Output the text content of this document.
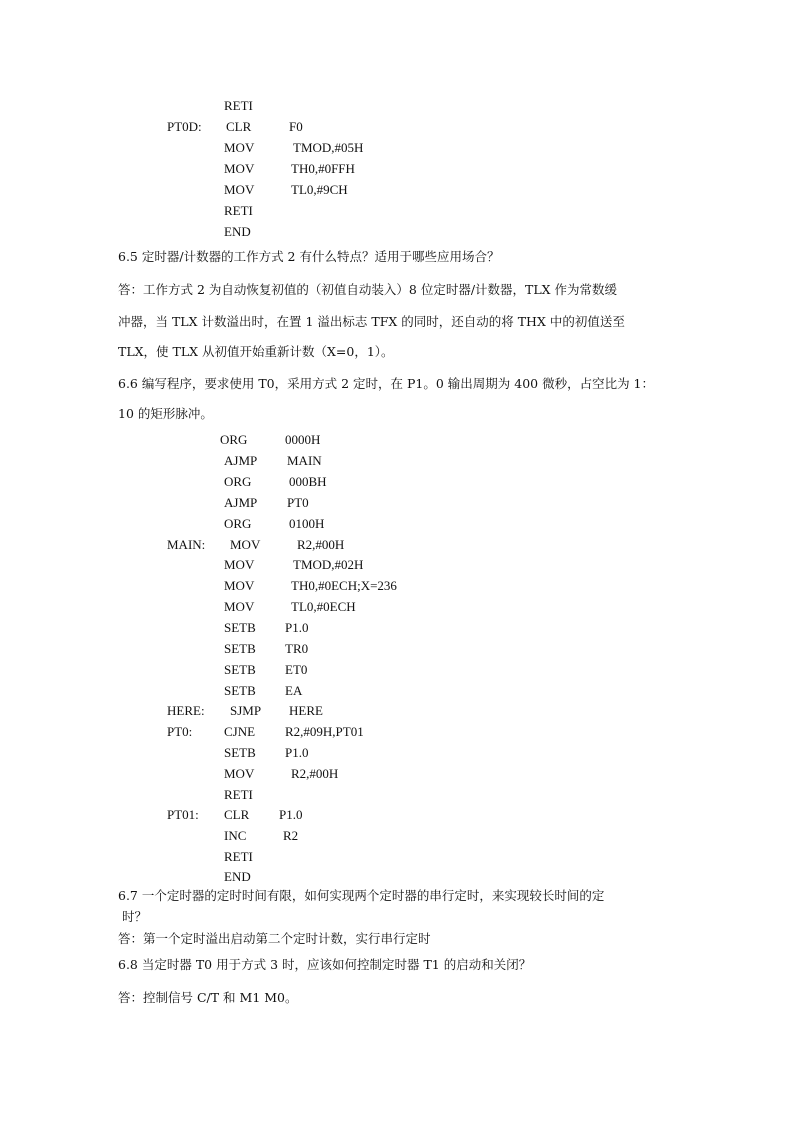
RETI
PT0D: CLR	F0
MOV	TMOD,#05H
MOV	TH0,#0FFH
MOV	TL0,#9CH
RETI
END
6.5 定时器/计数器的工作方式 2 有什么特点？适用于哪些应用场合？
答：工作方式 2 为自动恢复初值的（初值自动装入）8 位定时器/计数器，TLX 作为常数缓
冲器，当 TLX 计数溢出时，在置 1 溢出标志 TFX 的同时，还自动的将 THX 中的初值送至
TLX，使 TLX 从初值开始重新计数（X=0，1）。
6.6 编写程序，要求使用 T0，采用方式 2 定时，在 P1。0 输出周期为 400 微秒，占空比为 1：
10 的矩形脉冲。
ORG	0000H
AJMP MAIN
ORG	000BH
AJMP PT0
ORG	0100H
MAIN: MOV	R2,#00H
MOV	TMOD,#02H
MOV	TH0,#0ECH;X=236
MOV	TL0,#0ECH
SETB P1.0
SETB TR0
SETB ET0
SETB EA
HERE: SJMP HERE
PT0: CJNE R2,#09H,PT01
SETB P1.0
MOV	R2,#00H
RETI
PT01: CLR P1.0
INC	R2
RETI
END
6.7 一个定时器的定时时间有限，如何实现两个定时器的串行定时，来实现较长时间的定
时？
答：第一个定时溢出启动第二个定时计数，实行串行定时
6.8 当定时器 T0 用于方式 3 时，应该如何控制定时器 T1 的启动和关闭？
答：控制信号 C/T 和 M1 M0。
